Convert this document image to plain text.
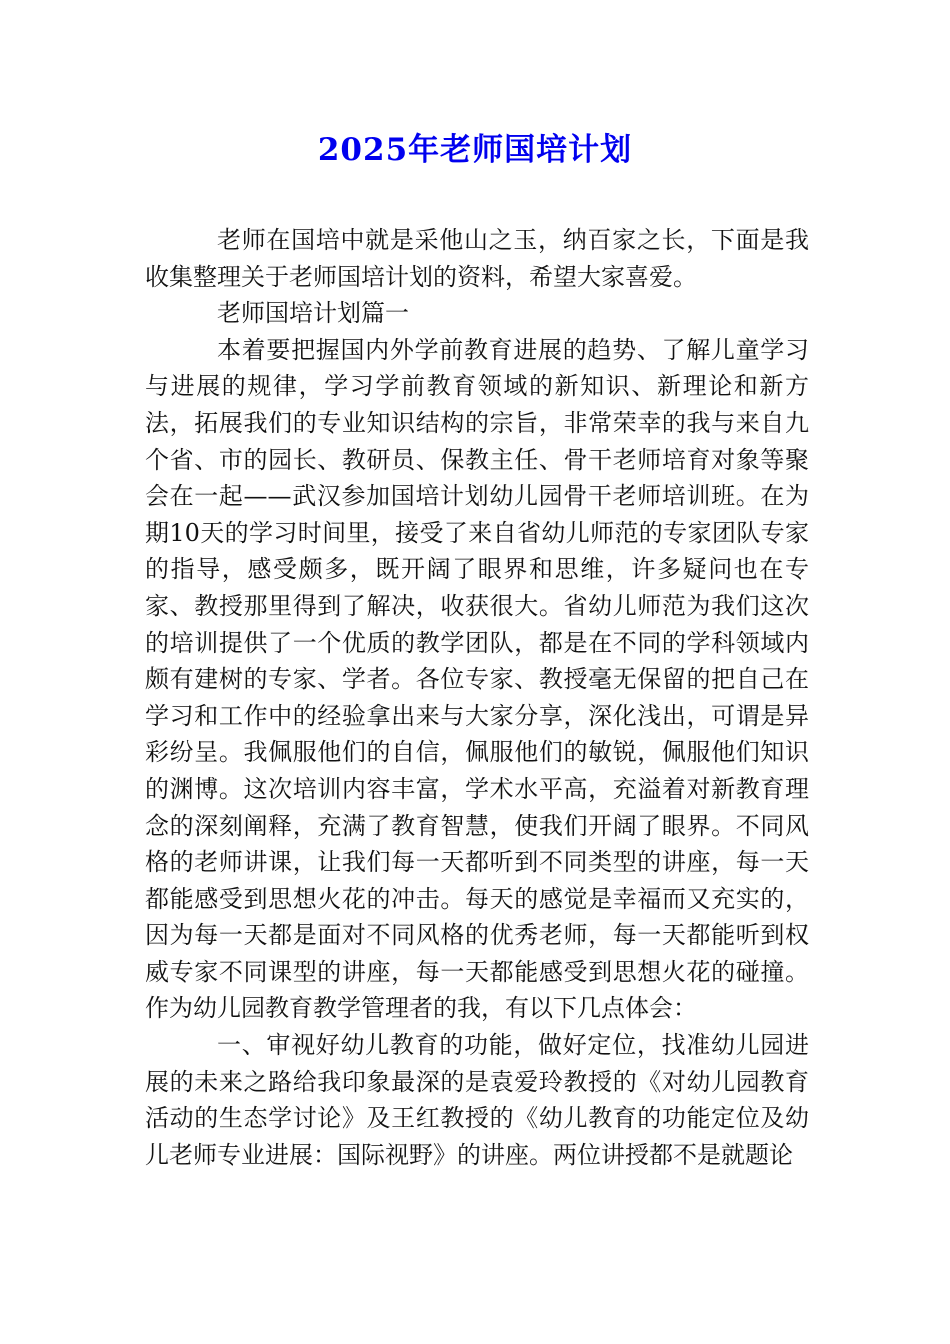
2025年老师国培计划

老师在国培中就是采他山之玉，纳百家之长，下面是我收集整理关于老师国培计划的资料，希望大家喜爱。

老师国培计划篇一

本着要把握国内外学前教育进展的趋势、了解儿童学习与进展的规律，学习学前教育领域的新知识、新理论和新方法，拓展我们的专业知识结构的宗旨，非常荣幸的我与来自九个省、市的园长、教研员、保教主任、骨干老师培育对象等聚会在一起——武汉参加国培计划幼儿园骨干老师培训班。在为期10天的学习时间里，接受了来自省幼儿师范的专家团队专家的指导，感受颇多，既开阔了眼界和思维，许多疑问也在专家、教授那里得到了解决，收获很大。省幼儿师范为我们这次的培训提供了一个优质的教学团队，都是在不同的学科领域内颇有建树的专家、学者。各位专家、教授毫无保留的把自己在学习和工作中的经验拿出来与大家分享，深化浅出，可谓是异彩纷呈。我佩服他们的自信，佩服他们的敏锐，佩服他们知识的渊博。这次培训内容丰富，学术水平高，充溢着对新教育理念的深刻阐释，充满了教育智慧，使我们开阔了眼界。不同风格的老师讲课，让我们每一天都听到不同类型的讲座，每一天都能感受到思想火花的冲击。每天的感觉是幸福而又充实的，因为每一天都是面对不同风格的优秀老师，每一天都能听到权威专家不同课型的讲座，每一天都能感受到思想火花的碰撞。作为幼儿园教育教学管理者的我，有以下几点体会：

一、审视好幼儿教育的功能，做好定位，找准幼儿园进展的未来之路给我印象最深的是袁爱玲教授的《对幼儿园教育活动的生态学讨论》及王红教授的《幼儿教育的功能定位及幼儿老师专业进展：国际视野》的讲座。两位讲授都不是就题论
